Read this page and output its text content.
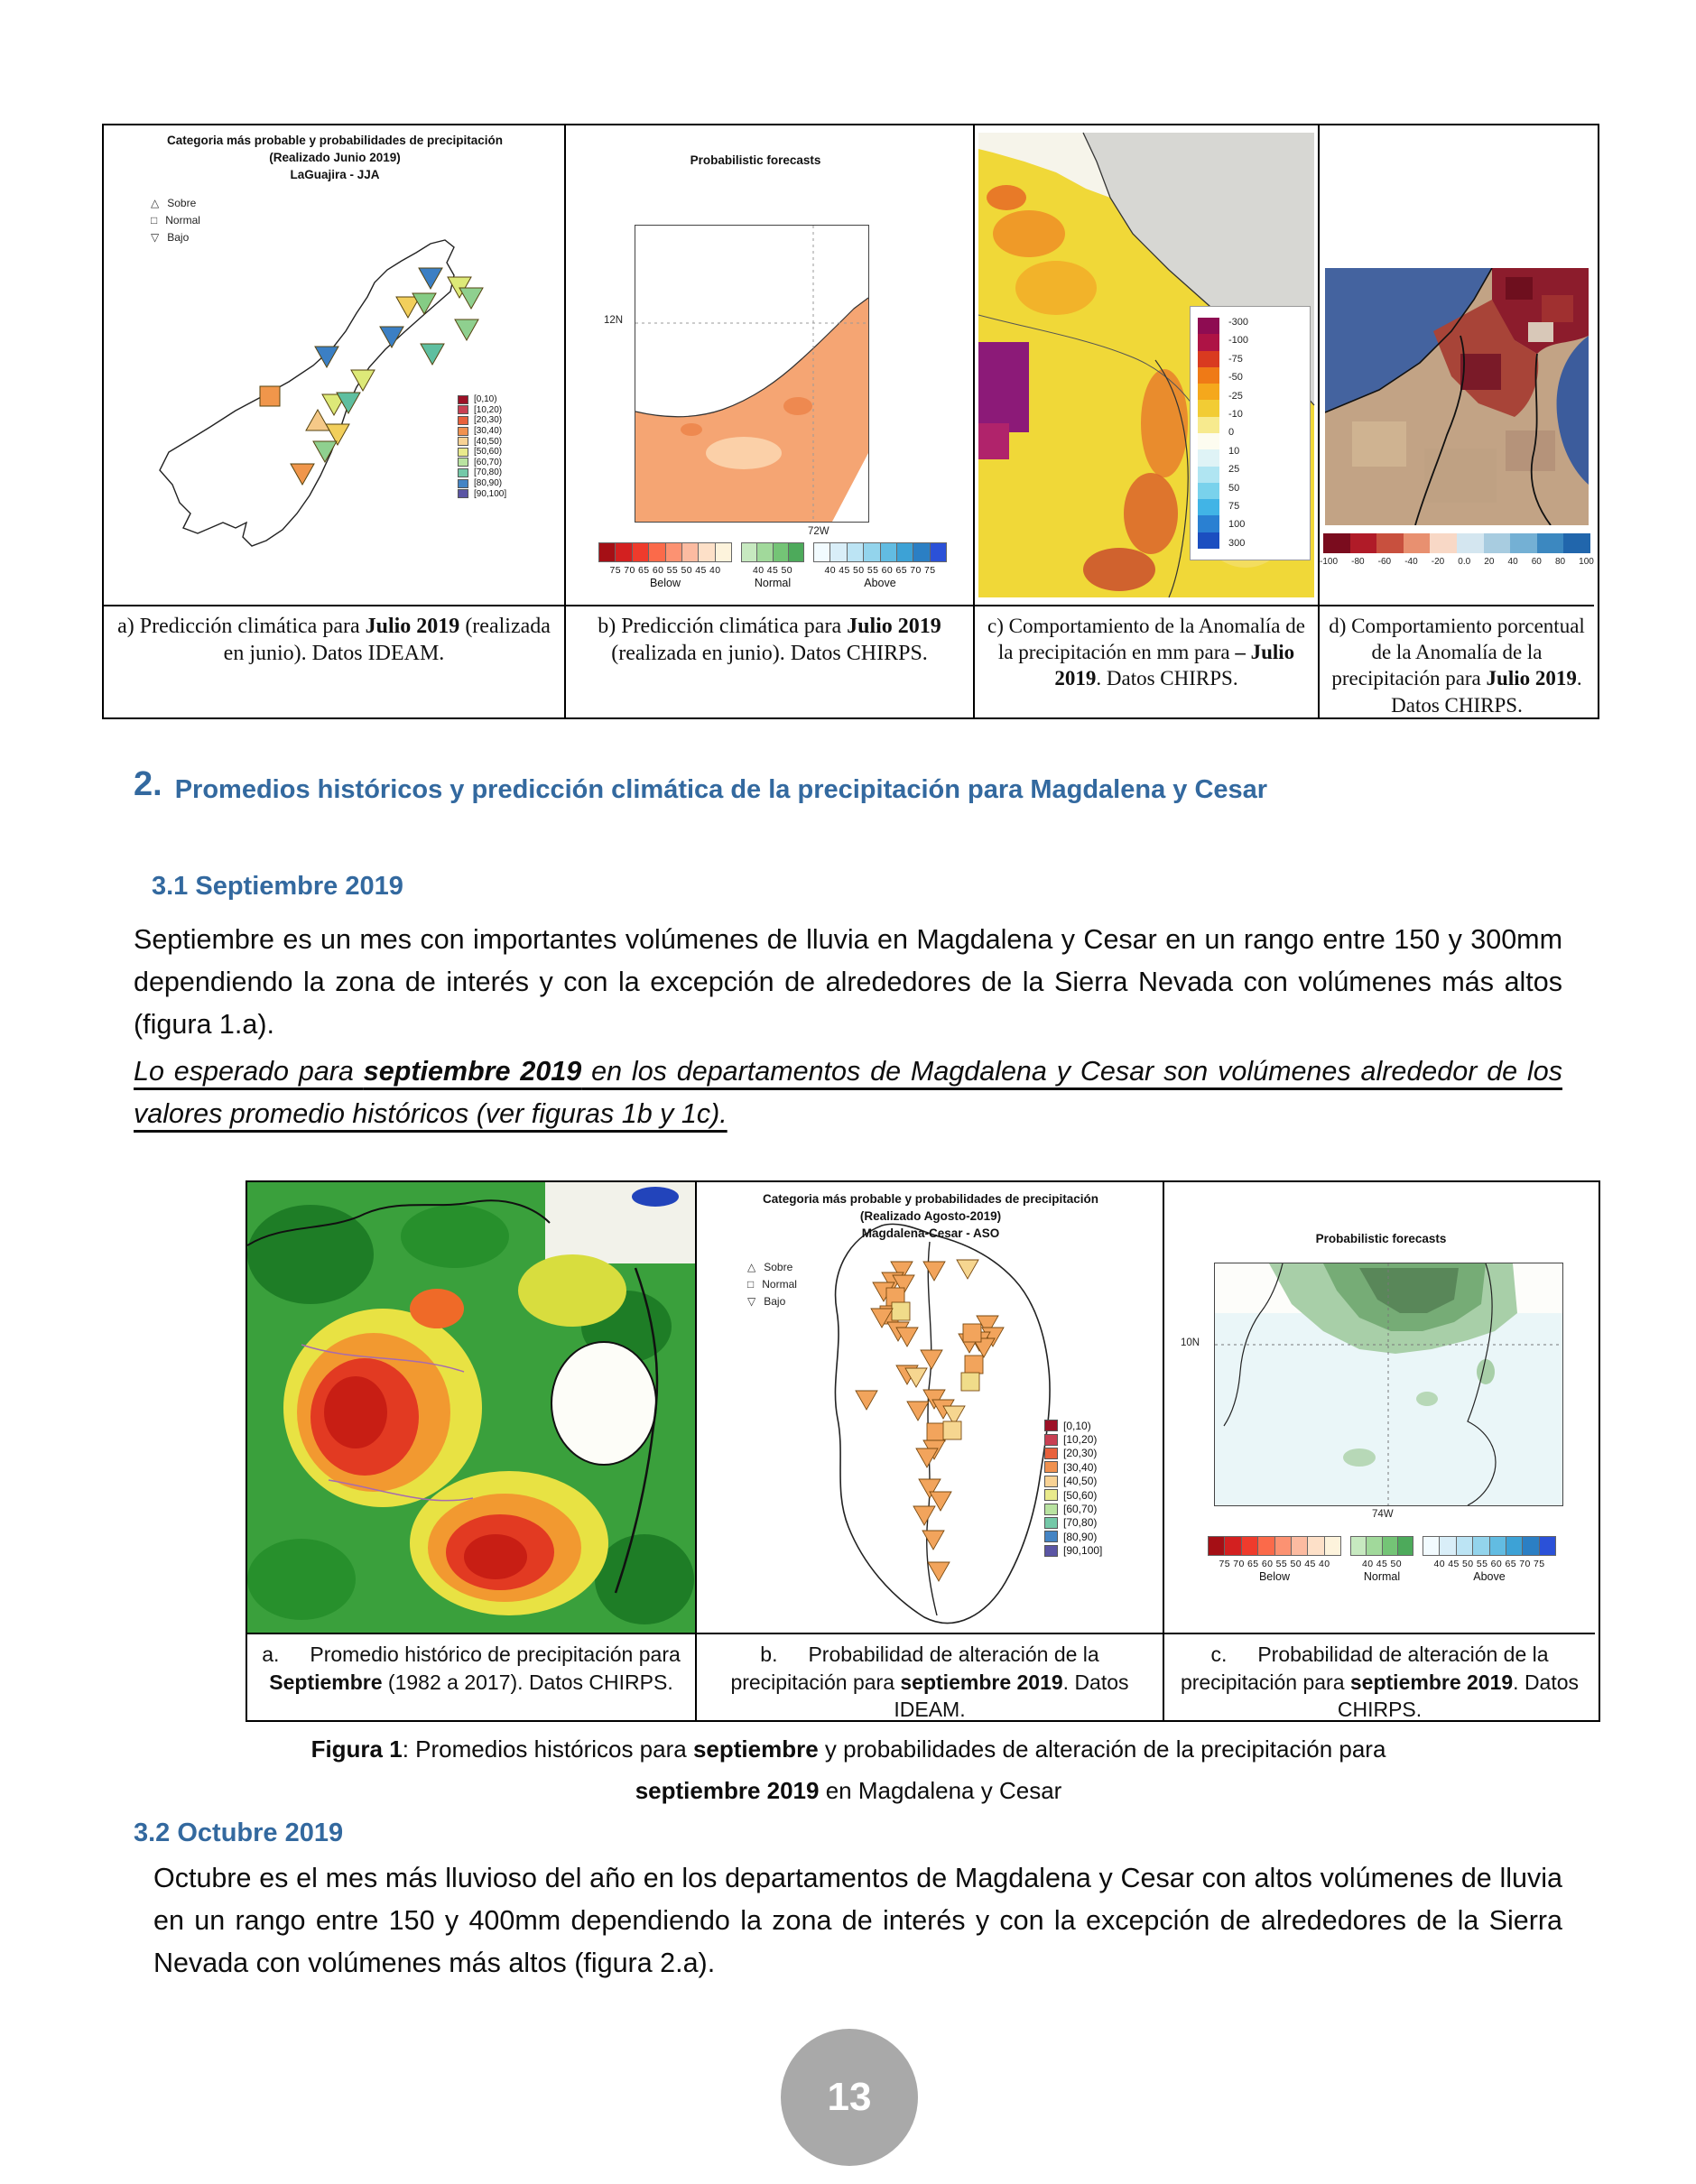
Categoria más probable y probabilidades de precipitación
(Realizado Junio 2019)
LaGuajira - JJA
△ Sobre
□ Normal
▽ Bajo
[0,10)
[10,20)
[20,30)
[30,40)
[40,50)
[50,60)
[60,70)
[70,80)
[80,90)
[90,100]
a) Predicción climática para Julio 2019 (realizada en junio). Datos IDEAM.
Probabilistic forecasts
12N
72W
75 70 65 60 55 50 45 40
Below
40 45 50
Normal
40 45 50 55 60 65 70 75
Above
b) Predicción climática para Julio 2019 (realizada en junio). Datos CHIRPS.
-300
-100
-75
-50
-25
-10
0
10
25
50
75
100
300
c) Comportamiento de la Anomalía de la precipitación en mm para – Julio 2019. Datos CHIRPS.
-100 -80 -60 -40 -20 0.0 20 40 60 80 100
d) Comportamiento porcentual de la Anomalía de la precipitación para Julio 2019. Datos CHIRPS.
2. Promedios históricos y predicción climática de la precipitación para Magdalena y Cesar
3.1 Septiembre 2019

Septiembre es un mes con importantes volúmenes de lluvia en Magdalena y Cesar en un rango entre 150 y 300mm dependiendo la zona de interés y con la excepción de alrededores de la Sierra Nevada con volúmenes más altos (figura 1.a).

Lo esperado para septiembre 2019 en los departamentos de Magdalena y Cesar son volúmenes alrededor de los valores promedio históricos (ver figuras 1b y 1c).

a. Promedio histórico de precipitación para Septiembre (1982 a 2017). Datos CHIRPS.
Categoria más probable y probabilidades de precipitación
(Realizado Agosto-2019)
Magdalena-Cesar - ASO
△ Sobre
□ Normal
▽ Bajo
[0,10)
[10,20)
[20,30)
[30,40)
[40,50)
[50,60)
[60,70)
[70,80)
[80,90)
[90,100]
b. Probabilidad de alteración de la precipitación para septiembre 2019. Datos IDEAM.
Probabilistic forecasts
10N
74W
75 70 65 60 55 50 45 40
Below
40 45 50
Normal
40 45 50 55 60 65 70 75
Above
c. Probabilidad de alteración de la precipitación para septiembre 2019. Datos CHIRPS.
Figura 1: Promedios históricos para septiembre y probabilidades de alteración de la precipitación para
septiembre 2019 en Magdalena y Cesar
3.2 Octubre 2019

Octubre es el mes más lluvioso del año en los departamentos de Magdalena y Cesar con altos volúmenes de lluvia en un rango entre 150 y 400mm dependiendo la zona de interés y con la excepción de alrededores de la Sierra Nevada con volúmenes más altos (figura 2.a).

13
